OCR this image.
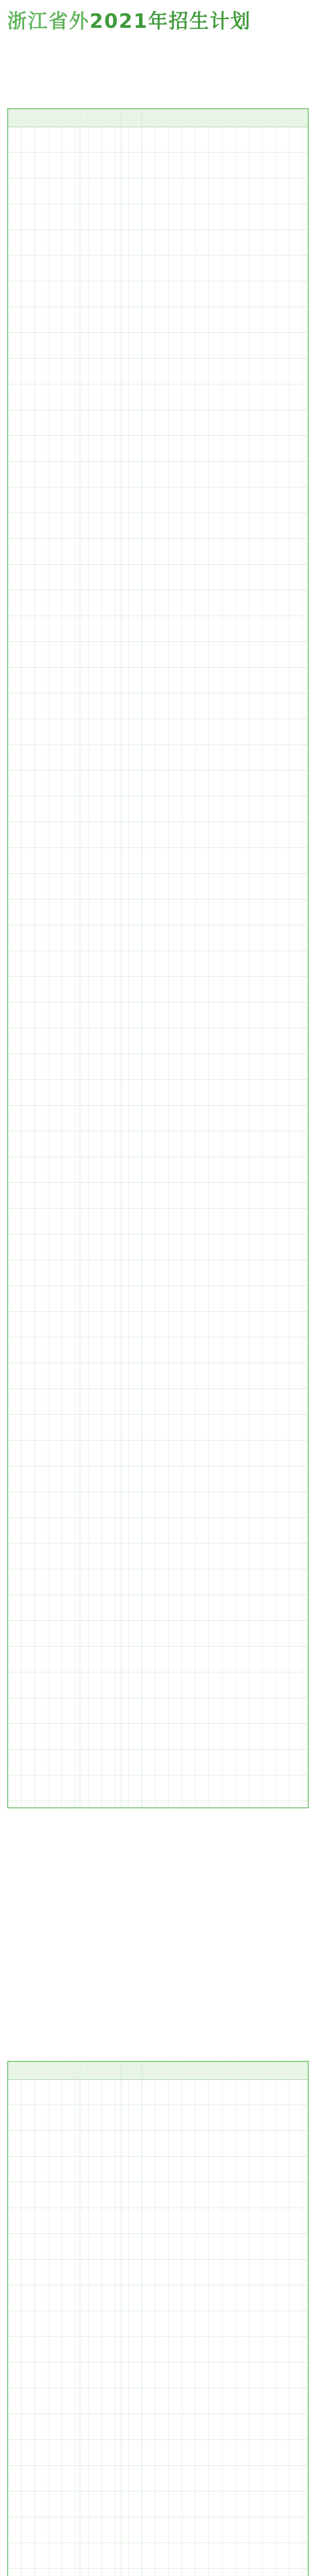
浙江省外2021年招生计划
